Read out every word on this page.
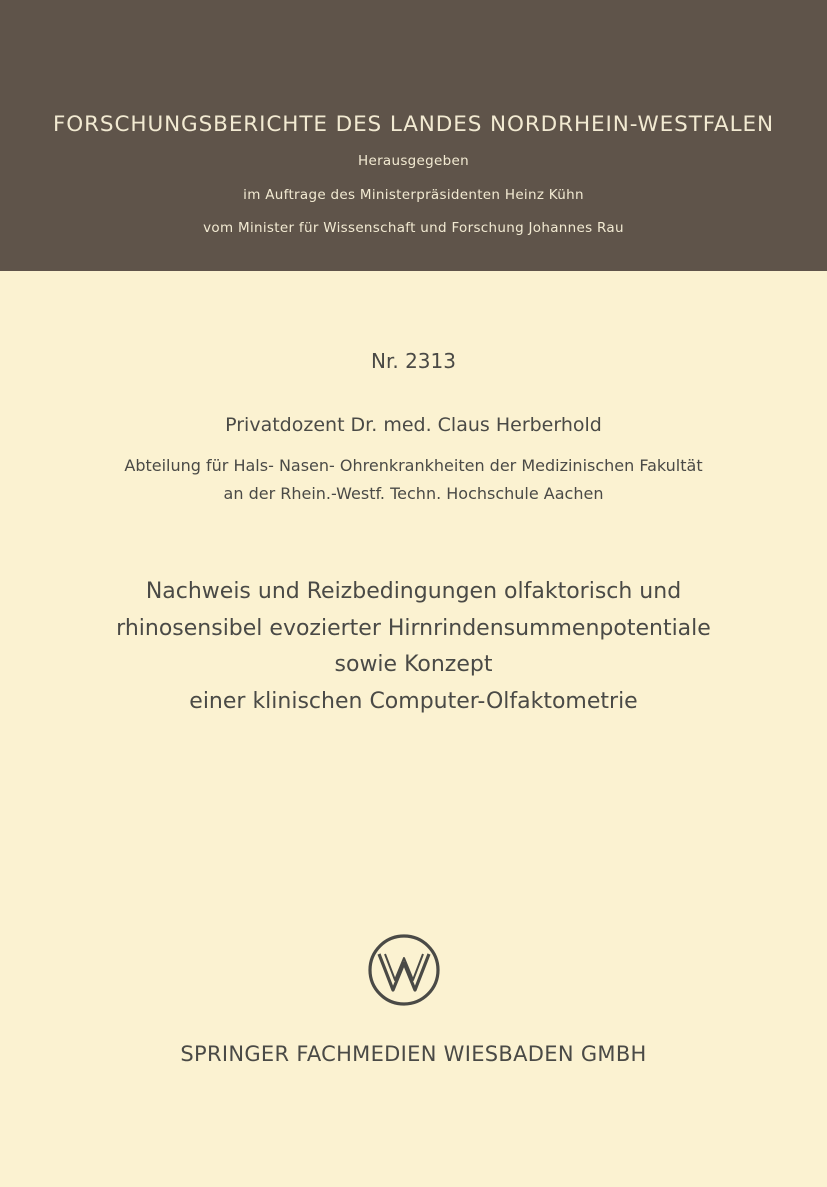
FORSCHUNGSBERICHTE DES LANDES NORDRHEIN-WESTFALEN
Herausgegeben
im Auftrage des Ministerpräsidenten Heinz Kühn
vom Minister für Wissenschaft und Forschung Johannes Rau
Nr. 2313
Privatdozent Dr. med. Claus Herberhold
Abteilung für Hals- Nasen- Ohrenkrankheiten der Medizinischen Fakultät
an der Rhein.-Westf. Techn. Hochschule Aachen
Nachweis und Reizbedingungen olfaktorisch und
rhinosensibel evozierter Hirnrindensummenpotentiale
sowie Konzept
einer klinischen Computer-Olfaktometrie
SPRINGER FACHMEDIEN WIESBADEN GMBH
